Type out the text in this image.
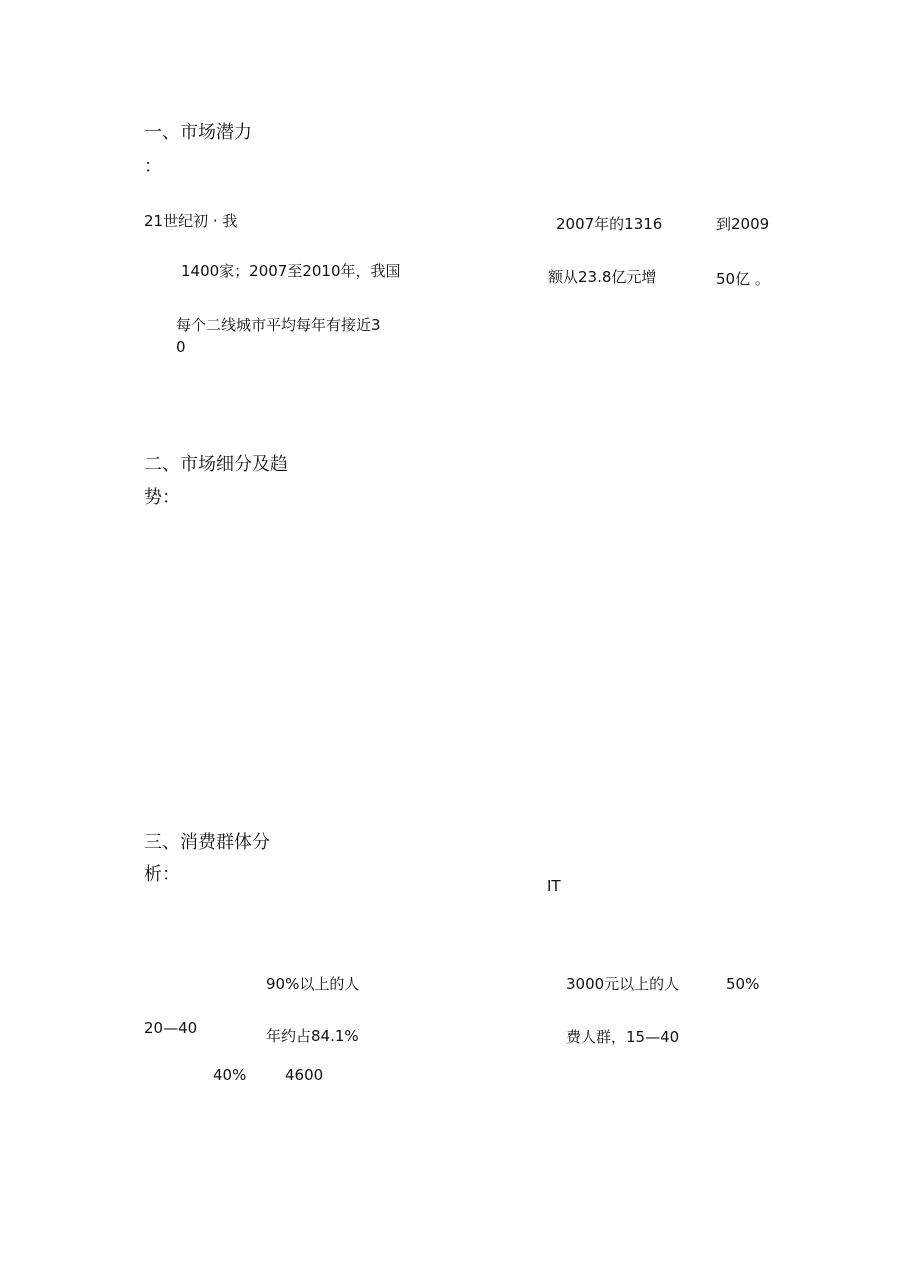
一、市场潜力
：
21世纪初 · 我	2007年的1316	到2009
1400家；2007至2010年，我国	额从23.8亿元增	50亿 。
每个二线城市平均每年有接近3
0
二、市场细分及趋
势：
三、消费群体分
析：
IT
90%以上的人	3000元以上的人	50%
20—40	年约占84.1%	费人群，15—40
40%	4600
